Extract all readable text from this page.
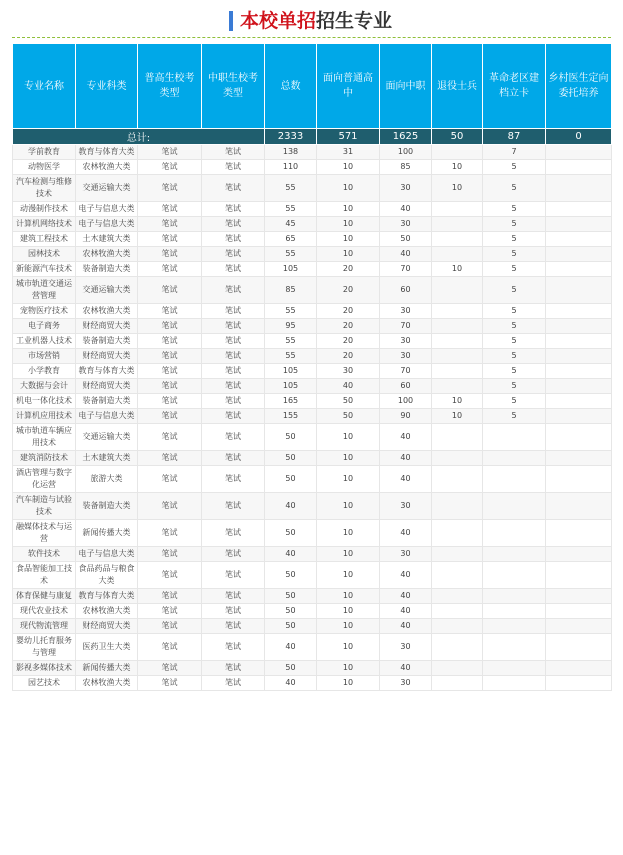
本校单招招生专业
专业名称	专业科类	普高生校考类型	中职生校考类型	总数	面向普通高中	面向中职	退役士兵	革命老区建档立卡	乡村医生定向委托培养
总计:				2333	571	1625	50	87	0
学前教育	教育与体育大类	笔试	笔试	138	31	100		7	
动物医学	农林牧渔大类	笔试	笔试	110	10	85	10	5	
汽车检测与维修技术	交通运输大类	笔试	笔试	55	10	30	10	5	
动漫制作技术	电子与信息大类	笔试	笔试	55	10	40		5	
计算机网络技术	电子与信息大类	笔试	笔试	45	10	30		5	
建筑工程技术	土木建筑大类	笔试	笔试	65	10	50		5	
园林技术	农林牧渔大类	笔试	笔试	55	10	40		5	
新能源汽车技术	装备制造大类	笔试	笔试	105	20	70	10	5	
城市轨道交通运营管理	交通运输大类	笔试	笔试	85	20	60		5	
宠物医疗技术	农林牧渔大类	笔试	笔试	55	20	30		5	
电子商务	财经商贸大类	笔试	笔试	95	20	70		5	
工业机器人技术	装备制造大类	笔试	笔试	55	20	30		5	
市场营销	财经商贸大类	笔试	笔试	55	20	30		5	
小学教育	教育与体育大类	笔试	笔试	105	30	70		5	
大数据与会计	财经商贸大类	笔试	笔试	105	40	60		5	
机电一体化技术	装备制造大类	笔试	笔试	165	50	100	10	5	
计算机应用技术	电子与信息大类	笔试	笔试	155	50	90	10	5	
城市轨道车辆应用技术	交通运输大类	笔试	笔试	50	10	40			
建筑消防技术	土木建筑大类	笔试	笔试	50	10	40			
酒店管理与数字化运营	旅游大类	笔试	笔试	50	10	40			
汽车制造与试验技术	装备制造大类	笔试	笔试	40	10	30			
融媒体技术与运营	新闻传播大类	笔试	笔试	50	10	40			
软件技术	电子与信息大类	笔试	笔试	40	10	30			
食品智能加工技术	食品药品与粮食大类	笔试	笔试	50	10	40			
体育保健与康复	教育与体育大类	笔试	笔试	50	10	40			
现代农业技术	农林牧渔大类	笔试	笔试	50	10	40			
现代物流管理	财经商贸大类	笔试	笔试	50	10	40			
婴幼儿托育服务与管理	医药卫生大类	笔试	笔试	40	10	30			
影视多媒体技术	新闻传播大类	笔试	笔试	50	10	40			
园艺技术	农林牧渔大类	笔试	笔试	40	10	30			
